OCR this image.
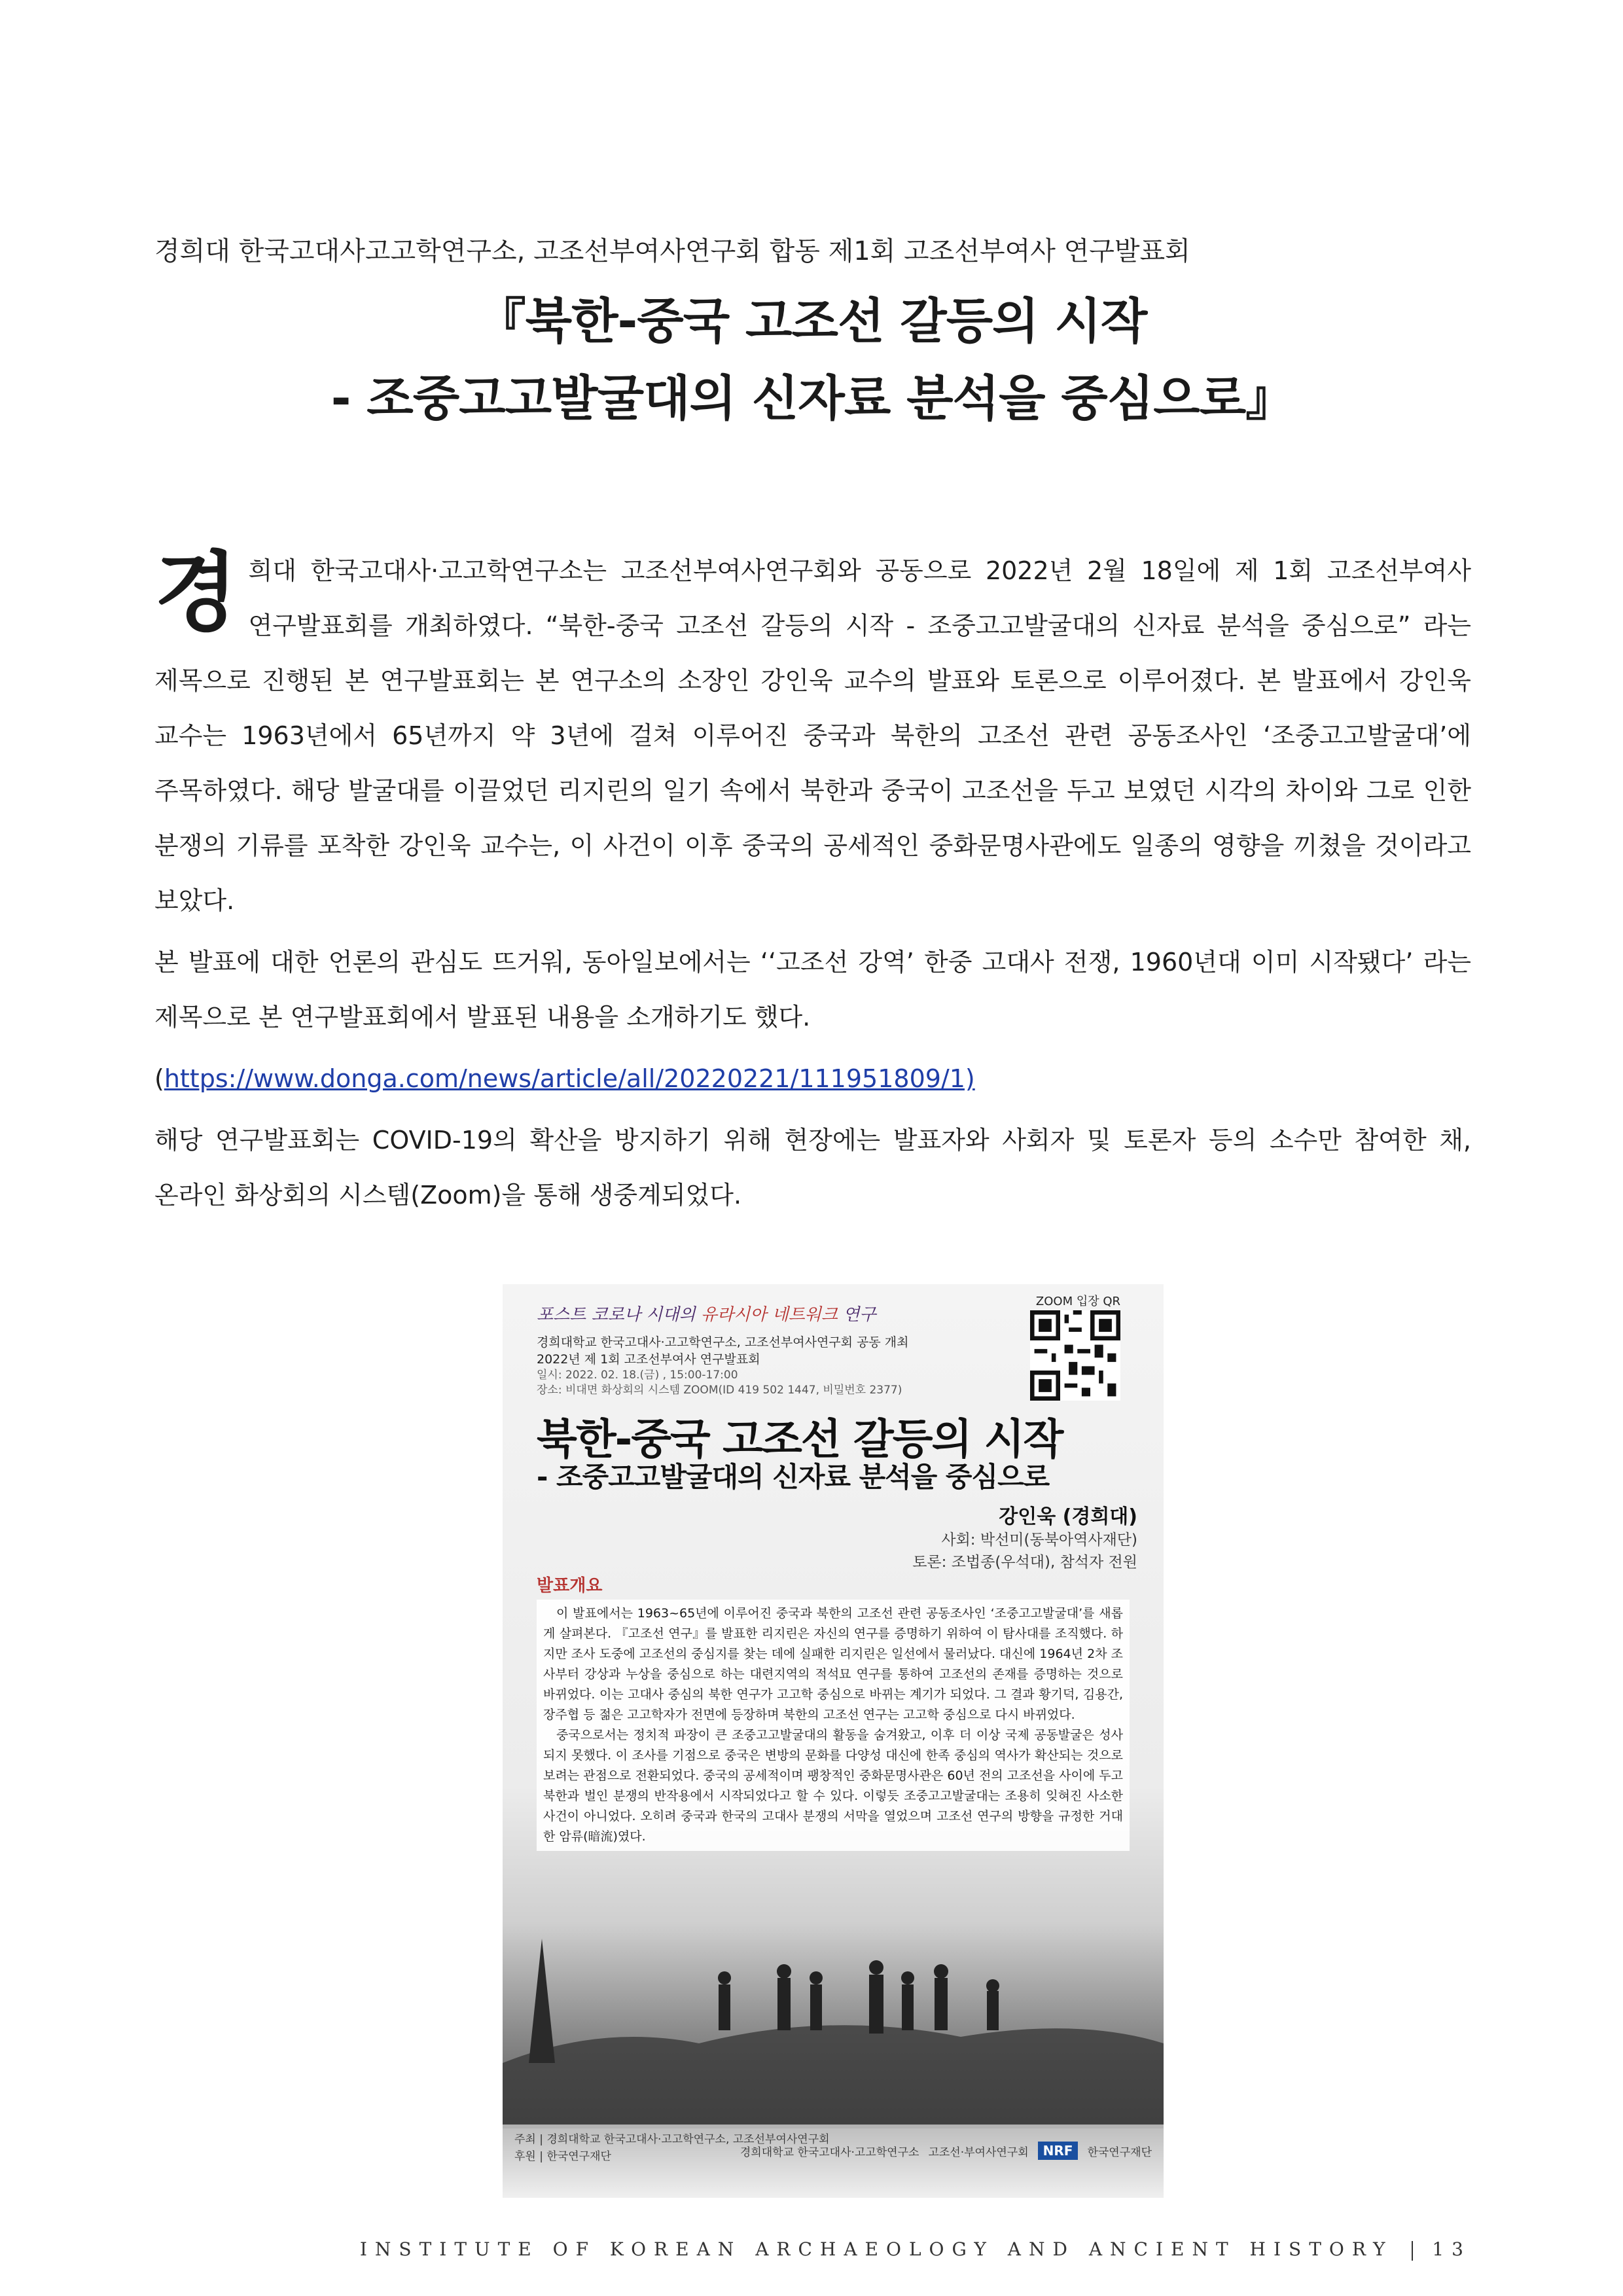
경희대 한국고대사고고학연구소, 고조선부여사연구회 합동 제1회 고조선부여사 연구발표회
『북한-중국 고조선 갈등의 시작
- 조중고고발굴대의 신자료 분석을 중심으로』

경 희대 한국고대사·고고학연구소는 고조선부여사연구회와 공동으로 2022년 2월 18일에 제 1회 고조선부여사 연구발표회를 개최하였다. “북한-중국 고조선 갈등의 시작 - 조중고고발굴대의 신자료 분석을 중심으로” 라는 제목으로 진행된 본 연구발표회는 본 연구소의 소장인 강인욱 교수의 발표와 토론으로 이루어졌다. 본 발표에서 강인욱 교수는 1963년에서 65년까지 약 3년에 걸쳐 이루어진 중국과 북한의 고조선 관련 공동조사인 ‘조중고고발굴대’에 주목하였다. 해당 발굴대를 이끌었던 리지린의 일기 속에서 북한과 중국이 고조선을 두고 보였던 시각의 차이와 그로 인한 분쟁의 기류를 포착한 강인욱 교수는, 이 사건이 이후 중국의 공세적인 중화문명사관에도 일종의 영향을 끼쳤을 것이라고 보았다.

본 발표에 대한 언론의 관심도 뜨거워, 동아일보에서는 ‘‘고조선 강역’ 한중 고대사 전쟁, 1960년대 이미 시작됐다’ 라는 제목으로 본 연구발표회에서 발표된 내용을 소개하기도 했다.

(https://www.donga.com/news/article/all/20220221/111951809/1)

해당 연구발표회는 COVID-19의 확산을 방지하기 위해 현장에는 발표자와 사회자 및 토론자 등의 소수만 참여한 채, 온라인 화상회의 시스템(Zoom)을 통해 생중계되었다.

포스트 코로나 시대의 유라시아 네트워크 연구
경희대학교 한국고대사·고고학연구소, 고조선부여사연구회 공동 개최
2022년 제 1회 고조선부여사 연구발표회
일시: 2022. 02. 18.(금) , 15:00-17:00
장소: 비대면 화상회의 시스템 ZOOM(ID 419 502 1447, 비밀번호 2377)
ZOOM 입장 QR
북한-중국 고조선 갈등의 시작
- 조중고고발굴대의 신자료 분석을 중심으로
강인욱 (경희대)
사회: 박선미(동북아역사재단)
토론: 조법종(우석대), 참석자 전원
발표개요

이 발표에서는 1963~65년에 이루어진 중국과 북한의 고조선 관련 공동조사인 ‘조중고고발굴대’를 새롭게 살펴본다. 『고조선 연구』를 발표한 리지린은 자신의 연구를 증명하기 위하여 이 탐사대를 조직했다. 하지만 조사 도중에 고조선의 중심지를 찾는 데에 실패한 리지린은 일선에서 물러났다. 대신에 1964년 2차 조사부터 강상과 누상을 중심으로 하는 대련지역의 적석묘 연구를 통하여 고조선의 존재를 증명하는 것으로 바뀌었다. 이는 고대사 중심의 북한 연구가 고고학 중심으로 바뀌는 계기가 되었다. 그 결과 황기덕, 김용간, 장주협 등 젊은 고고학자가 전면에 등장하며 북한의 고조선 연구는 고고학 중심으로 다시 바뀌었다.

중국으로서는 정치적 파장이 큰 조중고고발굴대의 활동을 숨겨왔고, 이후 더 이상 국제 공동발굴은 성사되지 못했다. 이 조사를 기점으로 중국은 변방의 문화를 다양성 대신에 한족 중심의 역사가 확산되는 것으로 보려는 관점으로 전환되었다. 중국의 공세적이며 팽창적인 중화문명사관은 60년 전의 고조선을 사이에 두고 북한과 벌인 분쟁의 반작용에서 시작되었다고 할 수 있다. 이렇듯 조중고고발굴대는 조용히 잊혀진 사소한 사건이 아니었다. 오히려 중국과 한국의 고대사 분쟁의 서막을 열었으며 고조선 연구의 방향을 규정한 거대한 암류(暗流)였다.

주최 | 경희대학교 한국고대사·고고학연구소, 고조선부여사연구회
후원 | 한국연구재단	경희대학교 한국고대사·고고학연구소 고조선·부여사연구회	NRF	한국연구재단
INSTITUTE OF KOREAN ARCHAEOLOGY AND ANCIENT HISTORY 13
